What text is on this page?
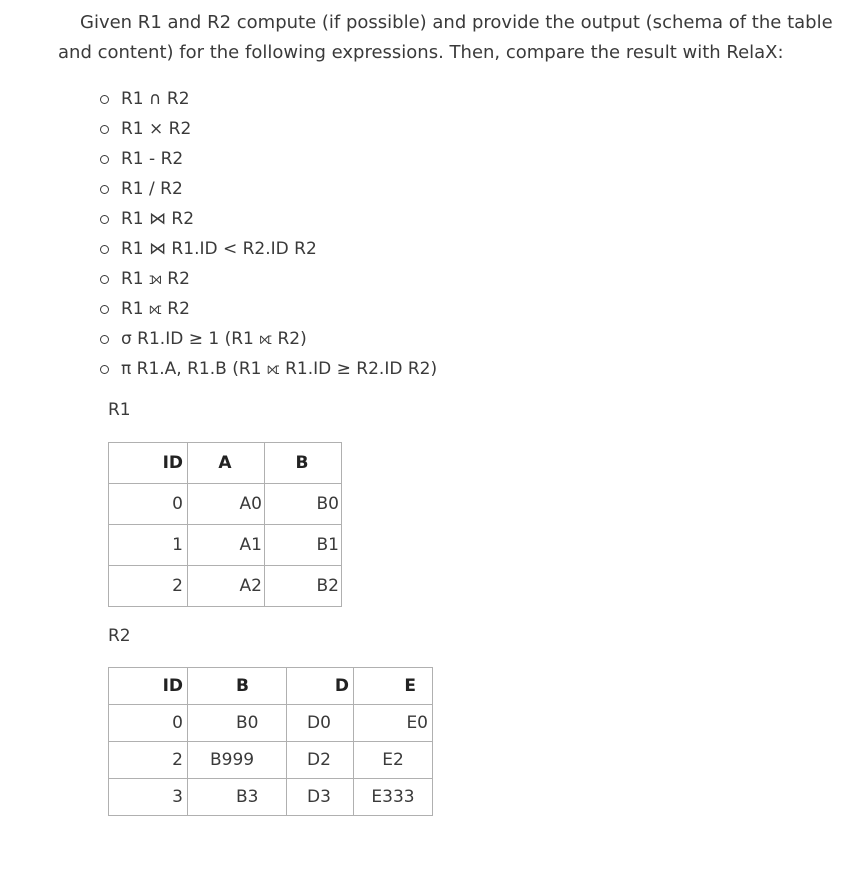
Given R1 and R2 compute (if possible) and provide the output (schema of the table and content) for the following expressions. Then, compare the result with RelaX:

R1 ∩ R2
R1 × R2
R1 - R2
R1 / R2
R1 ⋈ R2
R1 ⋈ R1.ID < R2.ID R2
R1 ⟕ R2
R1 ⟖ R2
σ R1.ID ≥ 1 (R1 ⟖ R2)
π R1.A, R1.B (R1 ⟖ R1.ID ≥ R2.ID R2)
R1
ID	A	B
0	A0	B0
1	A1	B1
2	A2	B2
R2
ID	B	D	E
0	B0	D0	E0
2	B999	D2	E2
3	B3	D3	E333
